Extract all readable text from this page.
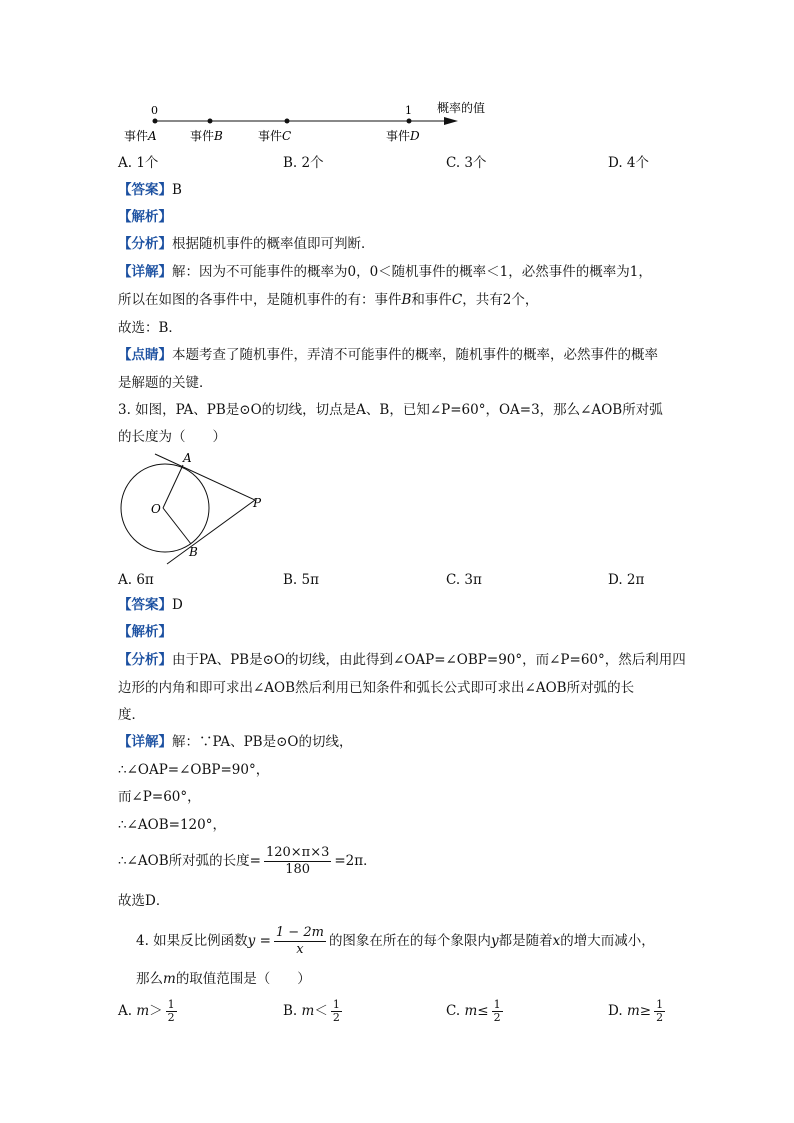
0	1 概率的值
事件A	事件B	事件C	事件D
A. 1个	B. 2个	C. 3个	D. 4个
【答案】B
【解析】
【分析】根据随机事件的概率值即可判断．
【详解】解：因为不可能事件的概率为0，0＜随机事件的概率＜1，必然事件的概率为1，
所以在如图的各事件中，是随机事件的有：事件B和事件C，共有2个，
故选：B．
【点睛】本题考查了随机事件，弄清不可能事件的概率，随机事件的概率，必然事件的概率
是解题的关键．
3. 如图，PA、PB是⊙O的切线，切点是A、B，已知∠P=60°，OA=3，那么∠AOB所对弧
的长度为（　　）
A
O	P
B
A. 6π	B. 5π	C. 3π	D. 2π
【答案】D
【解析】
【分析】由于PA、PB是⊙O的切线，由此得到∠OAP=∠OBP=90°，而∠P=60°，然后利用四
边形的内角和即可求出∠AOB然后利用已知条件和弧长公式即可求出∠AOB所对弧的长
度．
【详解】解：∵PA、PB是⊙O的切线，
∴∠OAP=∠OBP=90°，
而∠P=60°，
∴∠AOB=120°，
∴∠AOB所对弧的长度= $\frac{120\times\pi\times 3}{180} =2\pi$．
故选D．
4. 如果反比例函数$y = \frac{1 - 2m}{x}$ 的图象在所在的每个象限内y都是随着x的增大而减小，
那么m的取值范围是（　　）
A. $m> \frac{1}{2}$	B. $m< \frac{1}{2}$	C. $m\le \frac{1}{2}$	D. $m\ge \frac{1}{2}$
